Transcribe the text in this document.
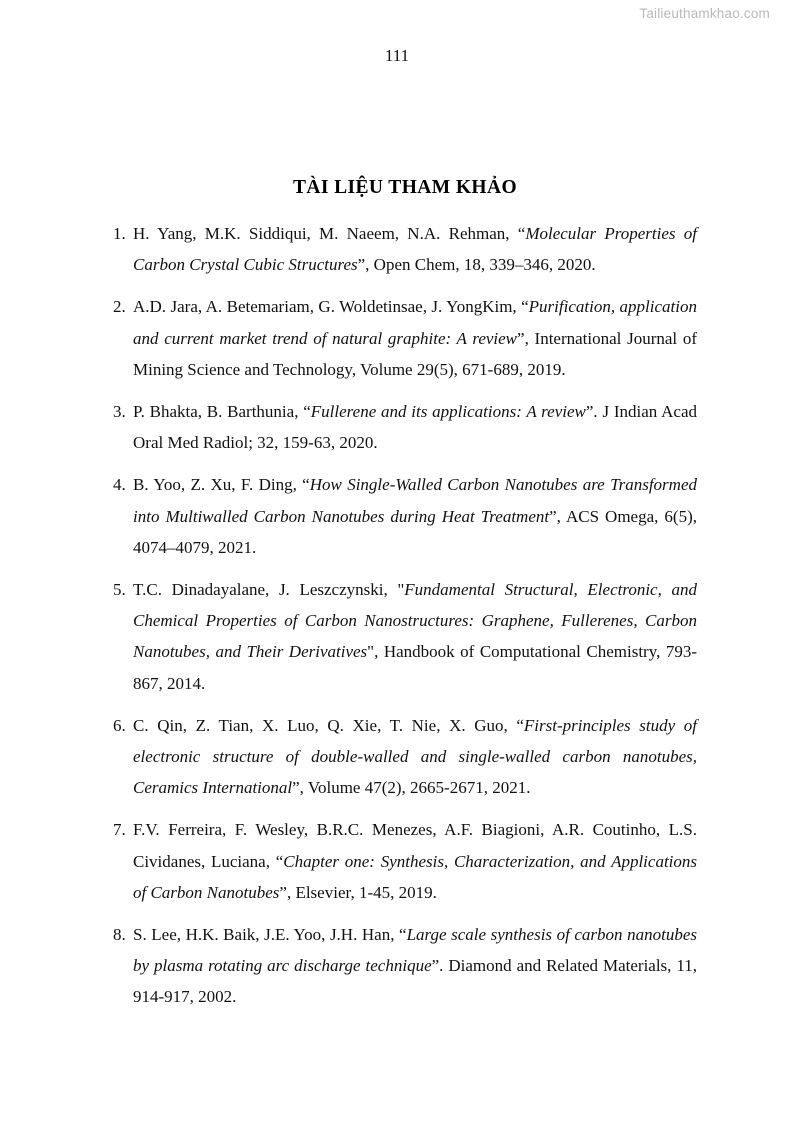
Tailieuthamkhao.com
111
TÀI LIỆU THAM KHẢO
1. H. Yang, M.K. Siddiqui, M. Naeem, N.A. Rehman, “Molecular Properties of Carbon Crystal Cubic Structures”, Open Chem, 18, 339–346, 2020.
2. A.D. Jara, A. Betemariam, G. Woldetinsae, J. YongKim, “Purification, application and current market trend of natural graphite: A review”, International Journal of Mining Science and Technology, Volume 29(5), 671-689, 2019.
3. P. Bhakta, B. Barthunia, “Fullerene and its applications: A review”. J Indian Acad Oral Med Radiol; 32, 159-63, 2020.
4. B. Yoo, Z. Xu, F. Ding, “How Single-Walled Carbon Nanotubes are Transformed into Multiwalled Carbon Nanotubes during Heat Treatment”, ACS Omega, 6(5), 4074–4079, 2021.
5. T.C. Dinadayalane, J. Leszczynski, "Fundamental Structural, Electronic, and Chemical Properties of Carbon Nanostructures: Graphene, Fullerenes, Carbon Nanotubes, and Their Derivatives", Handbook of Computational Chemistry, 793-867, 2014.
6. C. Qin, Z. Tian, X. Luo, Q. Xie, T. Nie, X. Guo, “First-principles study of electronic structure of double-walled and single-walled carbon nanotubes, Ceramics International”, Volume 47(2), 2665-2671, 2021.
7. F.V. Ferreira, F. Wesley, B.R.C. Menezes, A.F. Biagioni, A.R. Coutinho, L.S. Cividanes, Luciana, “Chapter one: Synthesis, Characterization, and Applications of Carbon Nanotubes”, Elsevier, 1-45, 2019.
8. S. Lee, H.K. Baik, J.E. Yoo, J.H. Han, “Large scale synthesis of carbon nanotubes by plasma rotating arc discharge technique”. Diamond and Related Materials, 11, 914-917, 2002.
